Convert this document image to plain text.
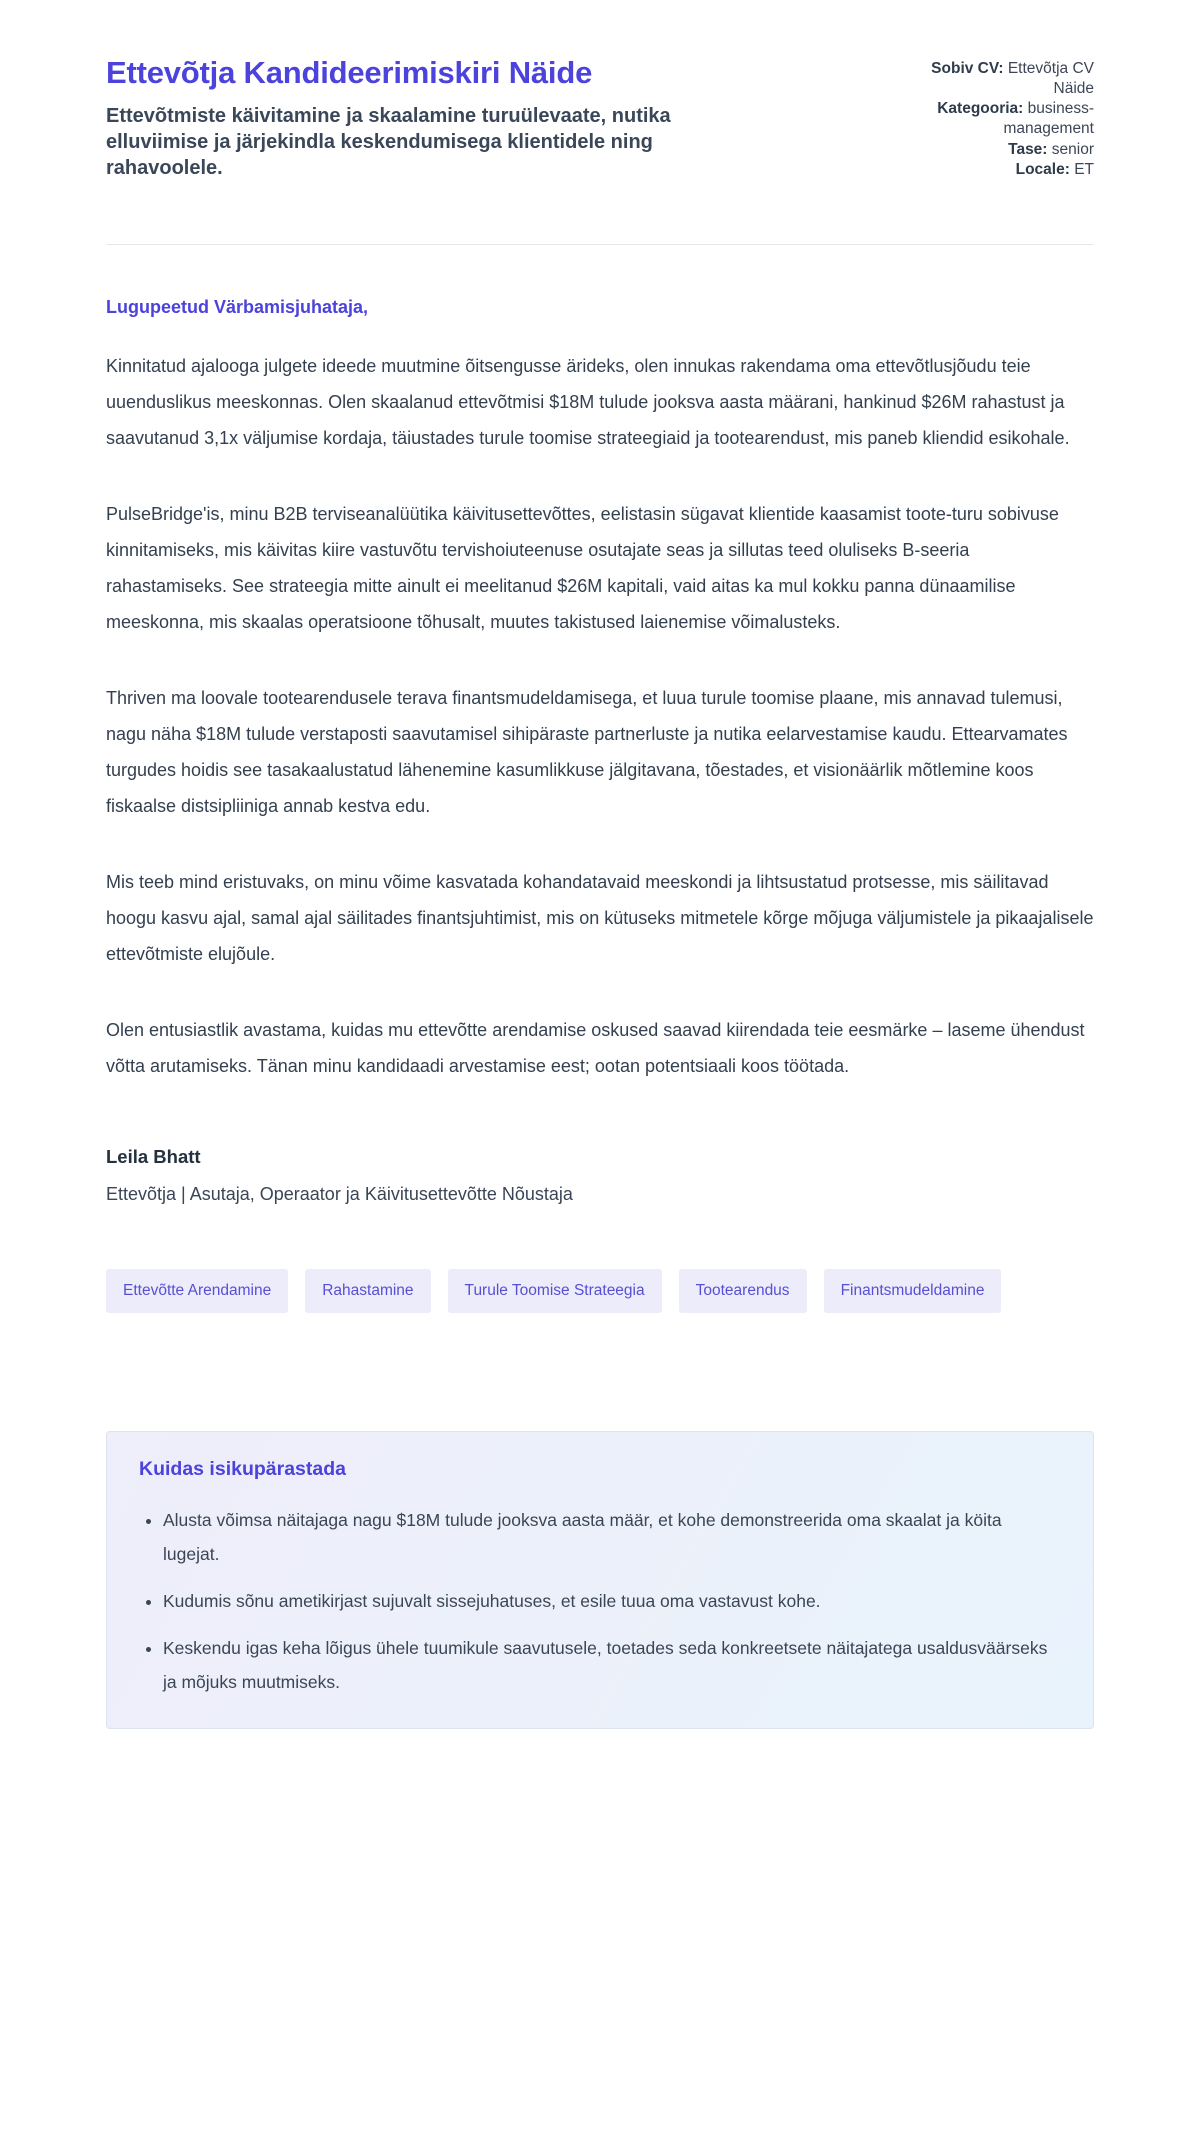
Ettevõtja Kandideerimiskiri Näide

Ettevõtmiste käivitamine ja skaalamine turuülevaate, nutika elluviimise ja järjekindla keskendumisega klientidele ning rahavoolele.

Sobiv CV: Ettevõtja CV Näide
Kategooria: business-management
Tase: senior
Locale: ET

Lugupeetud Värbamisjuhataja,

Kinnitatud ajalooga julgete ideede muutmine õitsengusse ärideks, olen innukas rakendama oma ettevõtlusjõudu teie uuenduslikus meeskonnas. Olen skaalanud ettevõtmisi $18M tulude jooksva aasta määrani, hankinud $26M rahastust ja saavutanud 3,1x väljumise kordaja, täiustades turule toomise strateegiaid ja tootearendust, mis paneb kliendid esikohale.

PulseBridge'is, minu B2B terviseanalüütika käivitusettevõttes, eelistasin sügavat klientide kaasamist toote-turu sobivuse kinnitamiseks, mis käivitas kiire vastuvõtu tervishoiuteenuse osutajate seas ja sillutas teed oluliseks B-seeria rahastamiseks. See strateegia mitte ainult ei meelitanud $26M kapitali, vaid aitas ka mul kokku panna dünaamilise meeskonna, mis skaalas operatsioone tõhusalt, muutes takistused laienemise võimalusteks.

Thriven ma loovale tootearendusele terava finantsmudeldamisega, et luua turule toomise plaane, mis annavad tulemusi, nagu näha $18M tulude verstaposti saavutamisel sihipäraste partnerluste ja nutika eelarvestamise kaudu. Ettearvamates turgudes hoidis see tasakaalustatud lähenemine kasumlikkuse jälgitavana, tõestades, et visionäärlik mõtlemine koos fiskaalse distsipliiniga annab kestva edu.

Mis teeb mind eristuvaks, on minu võime kasvatada kohandatavaid meeskondi ja lihtsustatud protsesse, mis säilitavad hoogu kasvu ajal, samal ajal säilitades finantsjuhtimist, mis on kütuseks mitmetele kõrge mõjuga väljumistele ja pikaajalisele ettevõtmiste elujõule.

Olen entusiastlik avastama, kuidas mu ettevõtte arendamise oskused saavad kiirendada teie eesmärke – laseme ühendust võtta arutamiseks. Tänan minu kandidaadi arvestamise eest; ootan potentsiaali koos töötada.

Leila Bhatt

Ettevõtja | Asutaja, Operaator ja Käivitusettevõtte Nõustaja

Ettevõtte Arendamine	Rahastamine	Turule Toomise Strateegia	Tootearendus	Finantsmudeldamine
Kuidas isikupärastada
• Alusta võimsa näitajaga nagu $18M tulude jooksva aasta määr, et kohe demonstreerida oma skaalat ja köita lugejat.
• Kudumis sõnu ametikirjast sujuvalt sissejuhatuses, et esile tuua oma vastavust kohe.
• Keskendu igas keha lõigus ühele tuumikule saavutusele, toetades seda konkreetsete näitajatega usaldusväärseks ja mõjuks muutmiseks.
